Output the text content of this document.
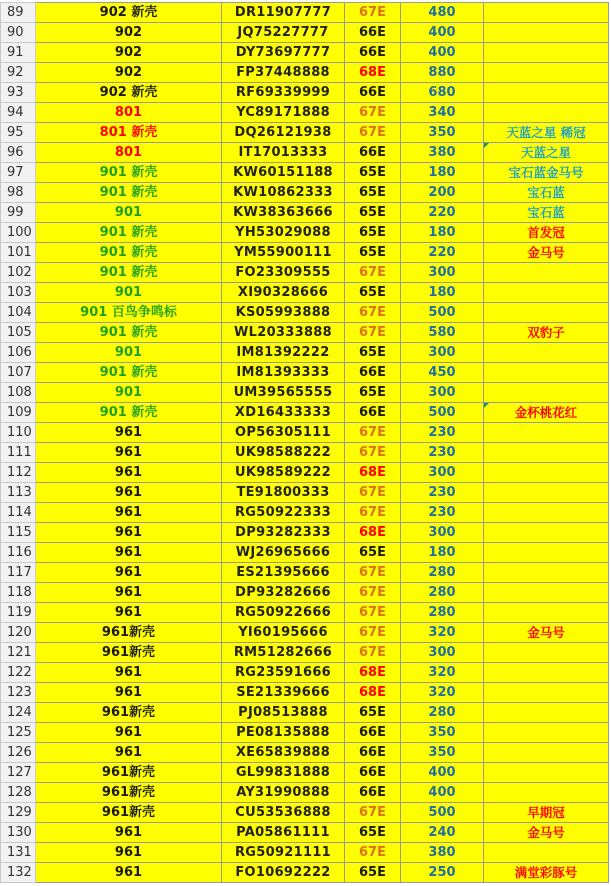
89	902 新壳	DR11907777	67E	480	
90	902	JQ75227777	66E	400	
91	902	DY73697777	66E	400	
92	902	FP37448888	68E	880	
93	902 新壳	RF69339999	66E	680	
94	801	YC89171888	67E	340	
95	801 新壳	DQ26121938	67E	350	天蓝之星 稀冠
96	801	IT17013333	66E	380	天蓝之星
97	901 新壳	KW60151188	65E	180	宝石蓝金马号
98	901 新壳	KW10862333	65E	200	宝石蓝
99	901	KW38363666	65E	220	宝石蓝
100	901 新壳	YH53029088	65E	180	首发冠
101	901 新壳	YM55900111	65E	220	金马号
102	901 新壳	FO23309555	67E	300	
103	901	XI90328666	65E	180	
104	901 百鸟争鸣标	KS05993888	67E	500	
105	901 新壳	WL20333888	67E	580	双豹子
106	901	IM81392222	65E	300	
107	901 新壳	IM81393333	66E	450	
108	901	UM39565555	65E	300	
109	901 新壳	XD16433333	66E	500	金杯桃花红
110	961	OP56305111	67E	230	
111	961	UK98588222	67E	230	
112	961	UK98589222	68E	300	
113	961	TE91800333	67E	230	
114	961	RG50922333	67E	230	
115	961	DP93282333	68E	300	
116	961	WJ26965666	65E	180	
117	961	ES21395666	67E	280	
118	961	DP93282666	67E	280	
119	961	RG50922666	67E	280	
120	961新壳	YI60195666	67E	320	金马号
121	961新壳	RM51282666	67E	300	
122	961	RG23591666	68E	320	
123	961	SE21339666	68E	320	
124	961新壳	PJ08513888	65E	280	
125	961	PE08135888	66E	350	
126	961	XE65839888	66E	350	
127	961新壳	GL99831888	66E	400	
128	961新壳	AY31990888	66E	400	
129	961新壳	CU53536888	67E	500	早期冠
130	961	PA05861111	65E	240	金马号
131	961	RG50921111	67E	380	
132	961	FO10692222	65E	250	满堂彩豚号
